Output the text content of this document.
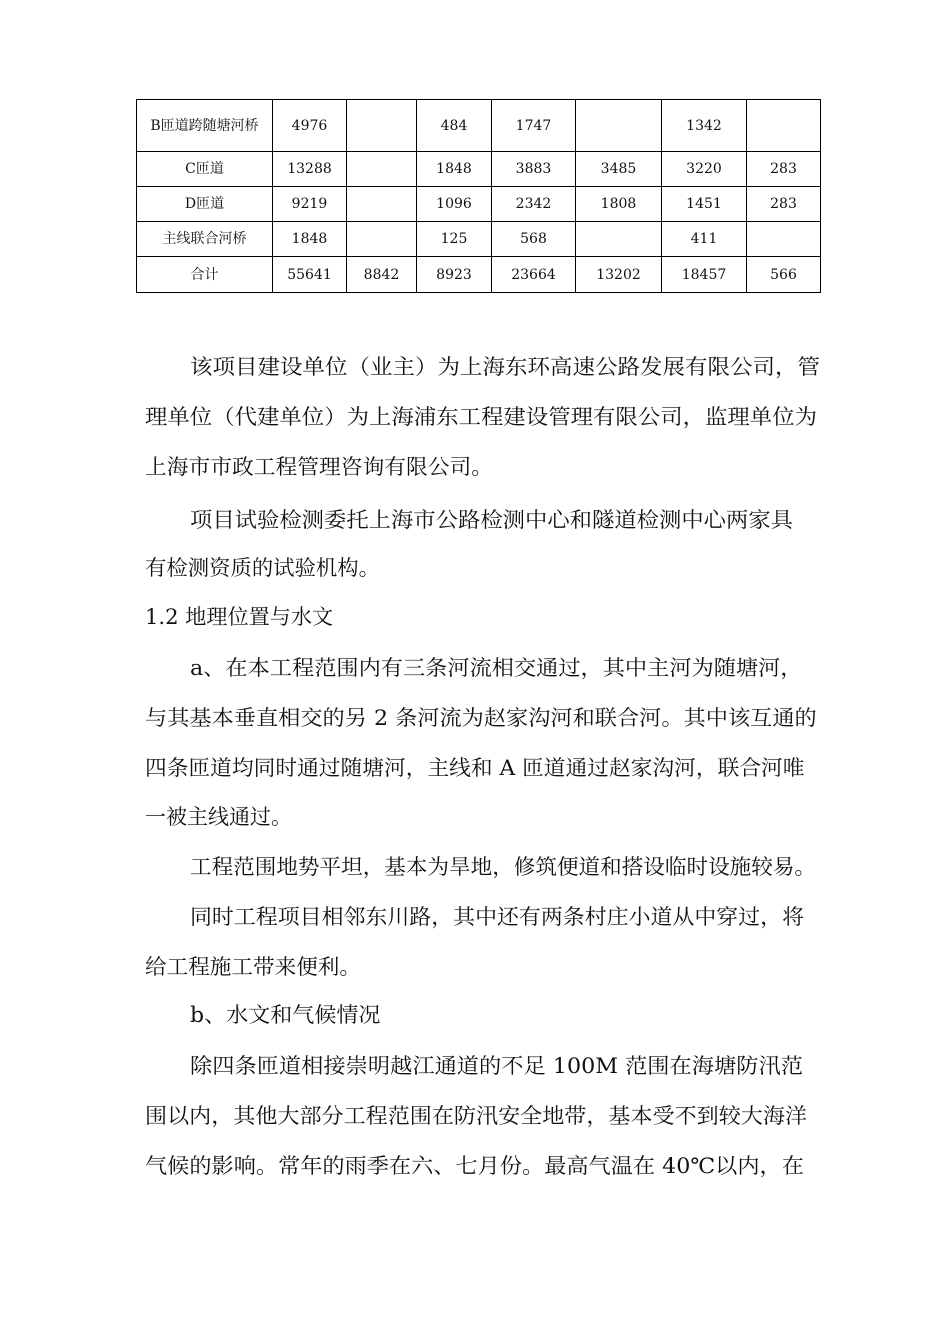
B匝道跨随塘河桥	4976		484	1747		1342	
C匝道	13288		1848	3883	3485	3220	283
D匝道	9219		1096	2342	1808	1451	283
主线联合河桥	1848		125	568		411	
合计	55641	8842	8923	23664	13202	18457	566
该项目建设单位（业主）为上海东环高速公路发展有限公司，管
理单位（代建单位）为上海浦东工程建设管理有限公司，监理单位为
上海市市政工程管理咨询有限公司。
项目试验检测委托上海市公路检测中心和隧道检测中心两家具
有检测资质的试验机构。
1.2 地理位置与水文
a、在本工程范围内有三条河流相交通过，其中主河为随塘河，
与其基本垂直相交的另 2 条河流为赵家沟河和联合河。其中该互通的
四条匝道均同时通过随塘河，主线和 A 匝道通过赵家沟河，联合河唯
一被主线通过。
工程范围地势平坦，基本为旱地，修筑便道和搭设临时设施较易。
同时工程项目相邻东川路，其中还有两条村庄小道从中穿过，将
给工程施工带来便利。
b、水文和气候情况
除四条匝道相接崇明越江通道的不足 100M 范围在海塘防汛范
围以内，其他大部分工程范围在防汛安全地带，基本受不到较大海洋
气候的影响。常年的雨季在六、七月份。最高气温在 40℃以内，在
